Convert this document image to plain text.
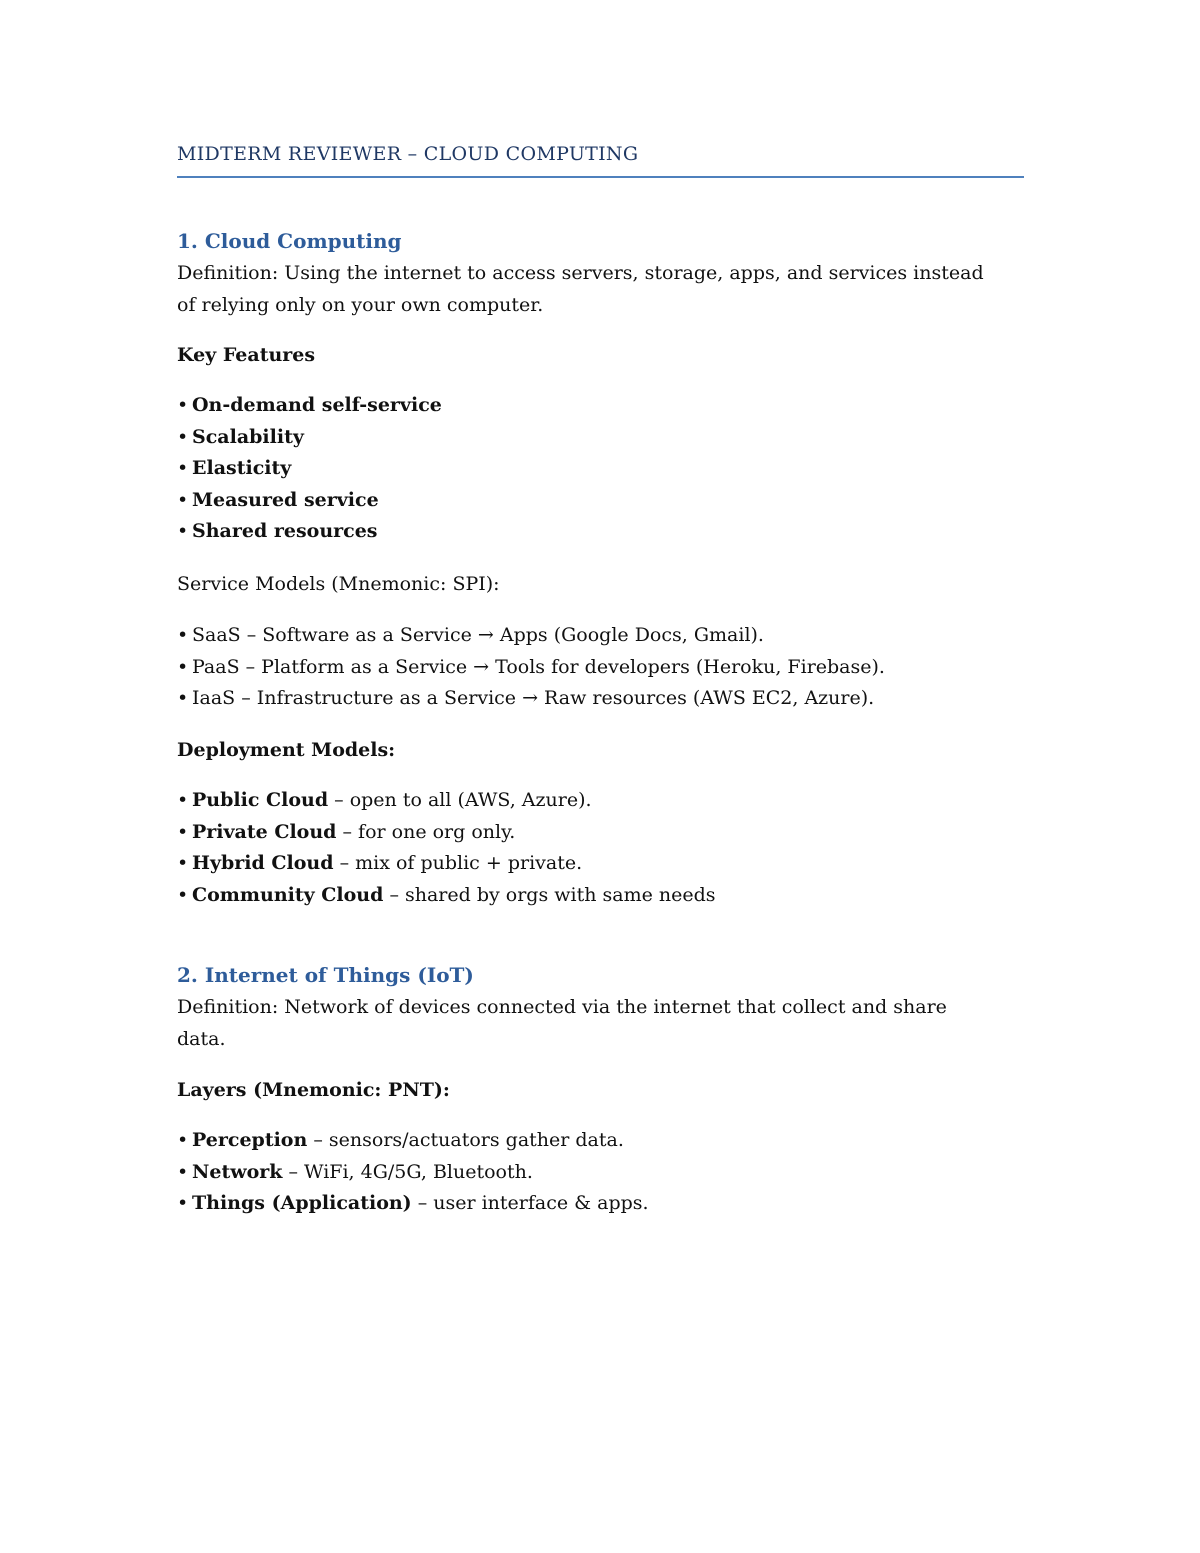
MIDTERM REVIEWER – CLOUD COMPUTING

1. Cloud Computing

Definition: Using the internet to access servers, storage, apps, and services instead of relying only on your own computer.

Key Features

• On-demand self-service
• Scalability
• Elasticity
• Measured service
• Shared resources

Service Models (Mnemonic: SPI):

• SaaS – Software as a Service → Apps (Google Docs, Gmail).
• PaaS – Platform as a Service → Tools for developers (Heroku, Firebase).
• IaaS – Infrastructure as a Service → Raw resources (AWS EC2, Azure).

Deployment Models:

• Public Cloud – open to all (AWS, Azure).
• Private Cloud – for one org only.
• Hybrid Cloud – mix of public + private.
• Community Cloud – shared by orgs with same needs

2. Internet of Things (IoT)

Definition: Network of devices connected via the internet that collect and share data.

Layers (Mnemonic: PNT):

• Perception – sensors/actuators gather data.
• Network – WiFi, 4G/5G, Bluetooth.
• Things (Application) – user interface & apps.
